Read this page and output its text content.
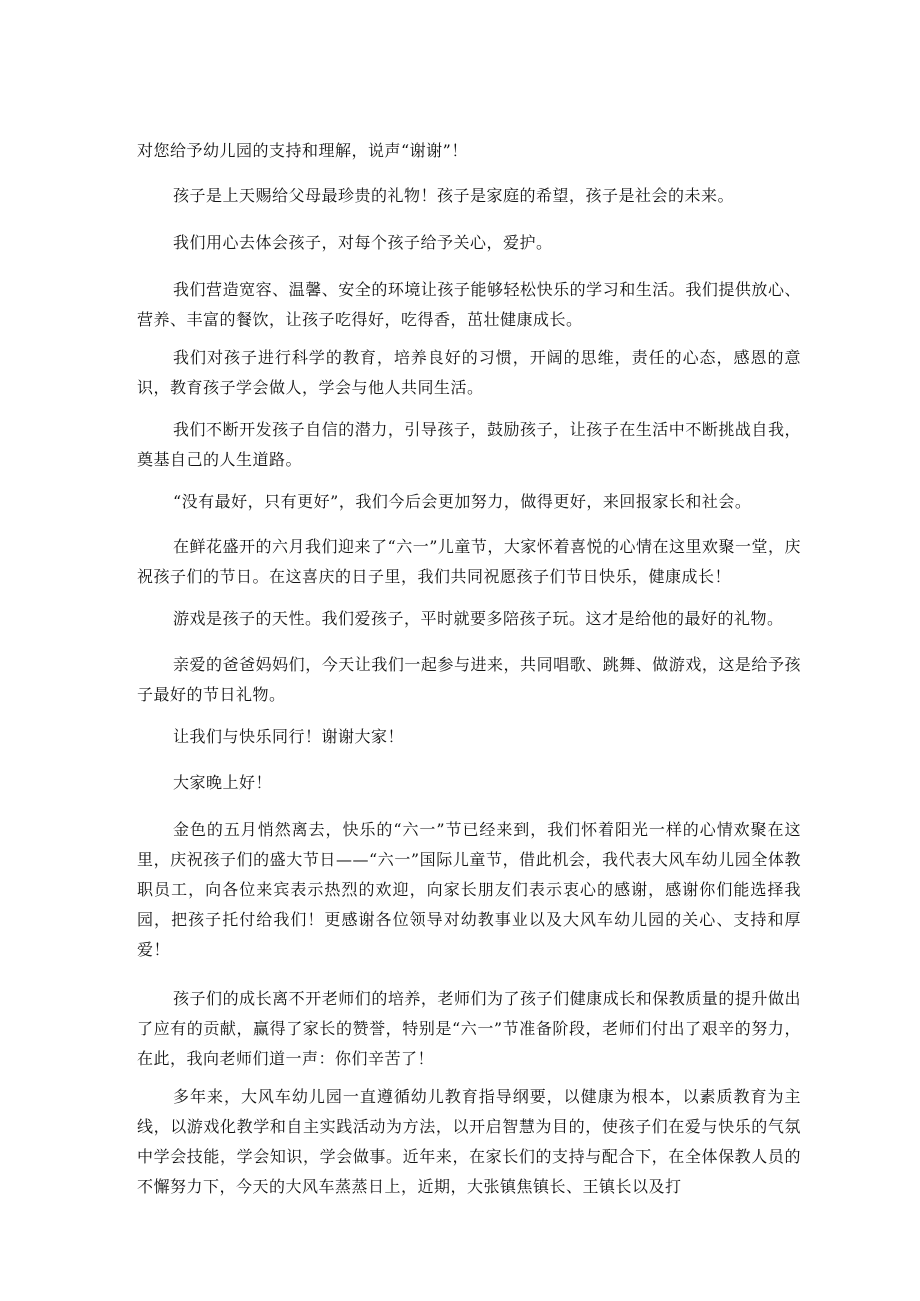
对您给予幼儿园的支持和理解，说声“谢谢”！

孩子是上天赐给父母最珍贵的礼物！孩子是家庭的希望，孩子是社会的未来。

我们用心去体会孩子，对每个孩子给予关心，爱护。

我们营造宽容、温馨、安全的环境让孩子能够轻松快乐的学习和生活。我们提供放心、营养、丰富的餐饮，让孩子吃得好，吃得香，茁壮健康成长。

我们对孩子进行科学的教育，培养良好的习惯，开阔的思维，责任的心态，感恩的意识，教育孩子学会做人，学会与他人共同生活。

我们不断开发孩子自信的潜力，引导孩子，鼓励孩子，让孩子在生活中不断挑战自我，奠基自己的人生道路。

“没有最好，只有更好”，我们今后会更加努力，做得更好，来回报家长和社会。

在鲜花盛开的六月我们迎来了“六一”儿童节，大家怀着喜悦的心情在这里欢聚一堂，庆祝孩子们的节日。在这喜庆的日子里，我们共同祝愿孩子们节日快乐，健康成长！

游戏是孩子的天性。我们爱孩子，平时就要多陪孩子玩。这才是给他的最好的礼物。

亲爱的爸爸妈妈们，今天让我们一起参与进来，共同唱歌、跳舞、做游戏，这是给予孩子最好的节日礼物。

让我们与快乐同行！谢谢大家！

大家晚上好！

金色的五月悄然离去，快乐的“六一”节已经来到，我们怀着阳光一样的心情欢聚在这里，庆祝孩子们的盛大节日——“六一”国际儿童节，借此机会，我代表大风车幼儿园全体教职员工，向各位来宾表示热烈的欢迎，向家长朋友们表示衷心的感谢，感谢你们能选择我园，把孩子托付给我们！更感谢各位领导对幼教事业以及大风车幼儿园的关心、支持和厚爱！

孩子们的成长离不开老师们的培养，老师们为了孩子们健康成长和保教质量的提升做出了应有的贡献，赢得了家长的赞誉，特别是“六一”节准备阶段，老师们付出了艰辛的努力，在此，我向老师们道一声：你们辛苦了！

多年来，大风车幼儿园一直遵循幼儿教育指导纲要，以健康为根本，以素质教育为主线，以游戏化教学和自主实践活动为方法，以开启智慧为目的，使孩子们在爱与快乐的气氛中学会技能，学会知识，学会做事。近年来，在家长们的支持与配合下，在全体保教人员的不懈努力下，今天的大风车蒸蒸日上，近期，大张镇焦镇长、王镇长以及打
